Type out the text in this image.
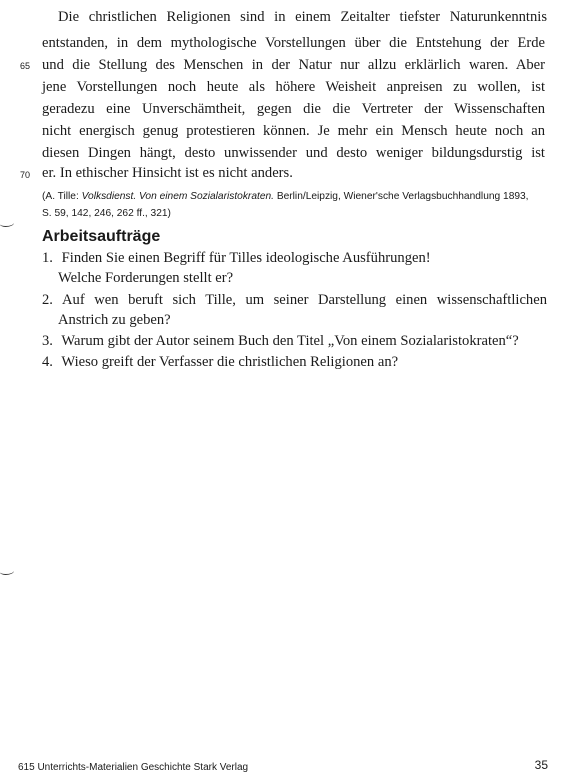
Die christlichen Religionen sind in einem Zeitalter tiefster Naturunkenntnis
entstanden, in dem mythologische Vorstellungen über die Entstehung der Erde
65 und die Stellung des Menschen in der Natur nur allzu erklärlich waren. Aber
jene Vorstellungen noch heute als höhere Weisheit anpreisen zu wollen, ist
geradezu eine Unverschämtheit, gegen die die Vertreter der Wissenschaften
nicht energisch genug protestieren können. Je mehr ein Mensch heute noch an
diesen Dingen hängt, desto unwissender und desto weniger bildungsdurstig ist
70 er. In ethischer Hinsicht ist es nicht anders.
(A. Tille: Volksdienst. Von einem Sozialaristokraten. Berlin/Leipzig, Wiener'sche Verlagsbuchhandlung 1893,
S. 59, 142, 246, 262 ff., 321)
Arbeitsaufträge
1. Finden Sie einen Begriff für Tilles ideologische Ausführungen!
Welche Forderungen stellt er?
2. Auf wen beruft sich Tille, um seiner Darstellung einen wissenschaftlichen
Anstrich zu geben?
3. Warum gibt der Autor seinem Buch den Titel „Von einem Sozialaristokraten“?
4. Wieso greift der Verfasser die christlichen Religionen an?
615 Unterrichts-Materialien Geschichte Stark Verlag	35
